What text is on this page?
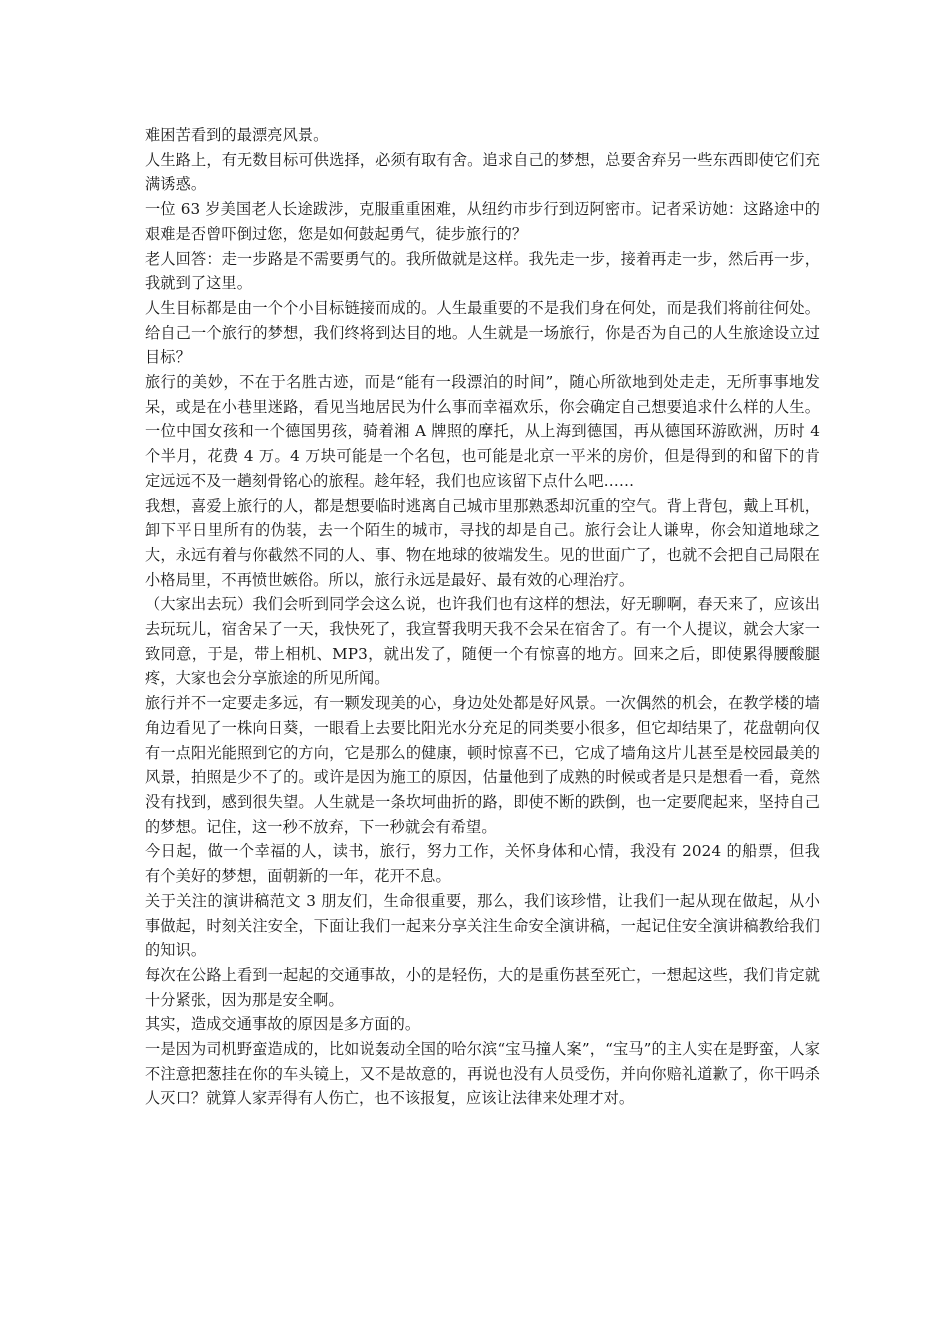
难困苦看到的最漂亮风景。

人生路上，有无数目标可供选择，必须有取有舍。追求自己的梦想，总要舍弃另一些东西即使它们充满诱惑。

一位 63 岁美国老人长途跋涉，克服重重困难，从纽约市步行到迈阿密市。记者采访她：这路途中的艰难是否曾吓倒过您，您是如何鼓起勇气，徒步旅行的？

老人回答：走一步路是不需要勇气的。我所做就是这样。我先走一步，接着再走一步，然后再一步，我就到了这里。

人生目标都是由一个个小目标链接而成的。人生最重要的不是我们身在何处，而是我们将前往何处。给自己一个旅行的梦想，我们终将到达目的地。人生就是一场旅行，你是否为自己的人生旅途设立过目标？

旅行的美妙，不在于名胜古迹，而是“能有一段漂泊的时间”，随心所欲地到处走走，无所事事地发呆，或是在小巷里迷路，看见当地居民为什么事而幸福欢乐，你会确定自己想要追求什么样的人生。一位中国女孩和一个德国男孩，骑着湘 A 牌照的摩托，从上海到德国，再从德国环游欧洲，历时 4 个半月，花费 4 万。4 万块可能是一个名包，也可能是北京一平米的房价，但是得到的和留下的肯定远远不及一趟刻骨铭心的旅程。趁年轻，我们也应该留下点什么吧……

我想，喜爱上旅行的人，都是想要临时逃离自己城市里那熟悉却沉重的空气。背上背包，戴上耳机，卸下平日里所有的伪装，去一个陌生的城市，寻找的却是自己。旅行会让人谦卑，你会知道地球之大，永远有着与你截然不同的人、事、物在地球的彼端发生。见的世面广了，也就不会把自己局限在小格局里，不再愤世嫉俗。所以，旅行永远是最好、最有效的心理治疗。

（大家出去玩）我们会听到同学会这么说，也许我们也有这样的想法，好无聊啊，春天来了，应该出去玩玩儿，宿舍呆了一天，我快死了，我宣誓我明天我不会呆在宿舍了。有一个人提议，就会大家一致同意，于是，带上相机、MP3，就出发了，随便一个有惊喜的地方。回来之后，即使累得腰酸腿疼，大家也会分享旅途的所见所闻。

旅行并不一定要走多远，有一颗发现美的心，身边处处都是好风景。一次偶然的机会，在教学楼的墙角边看见了一株向日葵，一眼看上去要比阳光水分充足的同类要小很多，但它却结果了，花盘朝向仅有一点阳光能照到它的方向，它是那么的健康，顿时惊喜不已，它成了墙角这片儿甚至是校园最美的风景，拍照是少不了的。或许是因为施工的原因，估量他到了成熟的时候或者是只是想看一看，竟然没有找到，感到很失望。人生就是一条坎坷曲折的路，即使不断的跌倒，也一定要爬起来，坚持自己的梦想。记住，这一秒不放弃，下一秒就会有希望。

今日起，做一个幸福的人，读书，旅行，努力工作，关怀身体和心情，我没有 2024 的船票，但我有个美好的梦想，面朝新的一年，花开不息。

关于关注的演讲稿范文 3 朋友们，生命很重要，那么，我们该珍惜，让我们一起从现在做起，从小事做起，时刻关注安全，下面让我们一起来分享关注生命安全演讲稿，一起记住安全演讲稿教给我们的知识。

每次在公路上看到一起起的交通事故，小的是轻伤，大的是重伤甚至死亡，一想起这些，我们肯定就十分紧张，因为那是安全啊。

其实，造成交通事故的原因是多方面的。

一是因为司机野蛮造成的，比如说轰动全国的哈尔滨“宝马撞人案”，“宝马”的主人实在是野蛮，人家不注意把葱挂在你的车头镜上，又不是故意的，再说也没有人员受伤，并向你赔礼道歉了，你干吗杀人灭口？就算人家弄得有人伤亡，也不该报复，应该让法律来处理才对。
